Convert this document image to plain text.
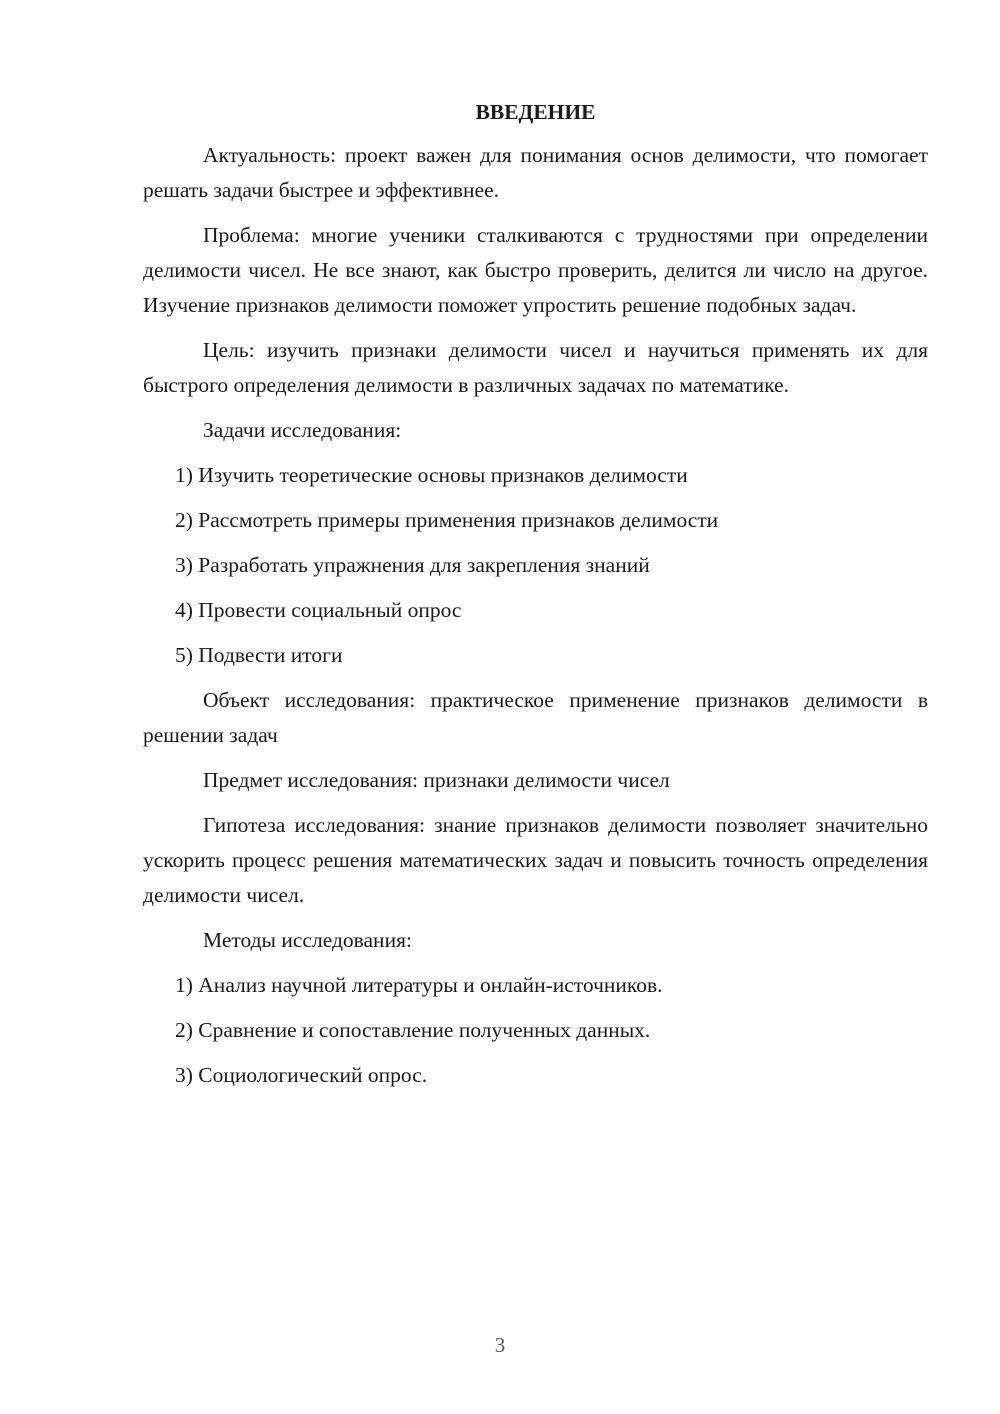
ВВЕДЕНИЕ

Актуальность: проект важен для понимания основ делимости, что помогает решать задачи быстрее и эффективнее.

Проблема: многие ученики сталкиваются с трудностями при определении делимости чисел. Не все знают, как быстро проверить, делится ли число на другое. Изучение признаков делимости поможет упростить решение подобных задач.

Цель: изучить признаки делимости чисел и научиться применять их для быстрого определения делимости в различных задачах по математике.

Задачи исследования:

1) Изучить теоретические основы признаков делимости
2) Рассмотреть примеры применения признаков делимости
3) Разработать упражнения для закрепления знаний
4) Провести социальный опрос
5) Подвести итоги

Объект исследования: практическое применение признаков делимости в решении задач

Предмет исследования: признаки делимости чисел

Гипотеза исследования: знание признаков делимости позволяет значительно ускорить процесс решения математических задач и повысить точность определения делимости чисел.

Методы исследования:

1) Анализ научной литературы и онлайн-источников.
2) Сравнение и сопоставление полученных данных.
3) Социологический опрос.
3
